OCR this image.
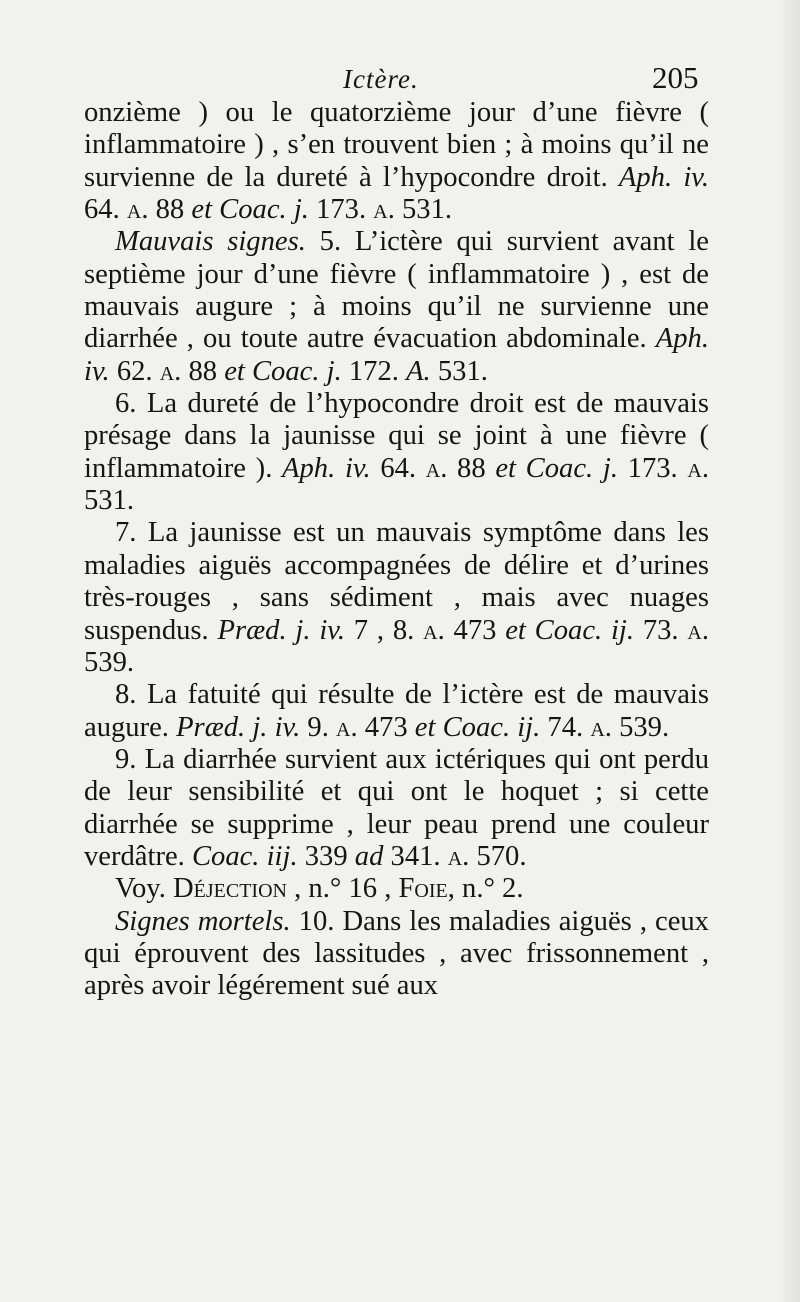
Ictère.	205

onzième ) ou le quatorzième jour d’une fièvre ( inflammatoire ) , s’en trouvent bien ; à moins qu’il ne survienne de la dureté à l’hypocondre droit. Aph. iv. 64. a. 88 et Coac. j. 173. a. 531.

Mauvais signes. 5. L’ictère qui survient avant le septième jour d’une fièvre ( inflammatoire ) , est de mauvais augure ; à moins qu’il ne survienne une diarrhée , ou toute autre évacuation abdominale. Aph. iv. 62. a. 88 et Coac. j. 172. A. 531.

6. La dureté de l’hypocondre droit est de mauvais présage dans la jaunisse qui se joint à une fièvre ( inflammatoire ). Aph. iv. 64. a. 88 et Coac. j. 173. a. 531.

7. La jaunisse est un mauvais symptôme dans les maladies aiguës accompagnées de délire et d’urines très-rouges , sans sédiment , mais avec nuages suspendus. Præd. j. iv. 7 , 8. a. 473 et Coac. ij. 73. a. 539.

8. La fatuité qui résulte de l’ictère est de mauvais augure. Præd. j. iv. 9. a. 473 et Coac. ij. 74. a. 539.

9. La diarrhée survient aux ictériques qui ont perdu de leur sensibilité et qui ont le hoquet ; si cette diarrhée se supprime , leur peau prend une couleur verdâtre. Coac. iij. 339 ad 341. a. 570.

Voy. Déjection , n.° 16 , Foie, n.° 2.

Signes mortels. 10. Dans les maladies aiguës , ceux qui éprouvent des lassitudes , avec frissonnement , après avoir légérement sué aux
